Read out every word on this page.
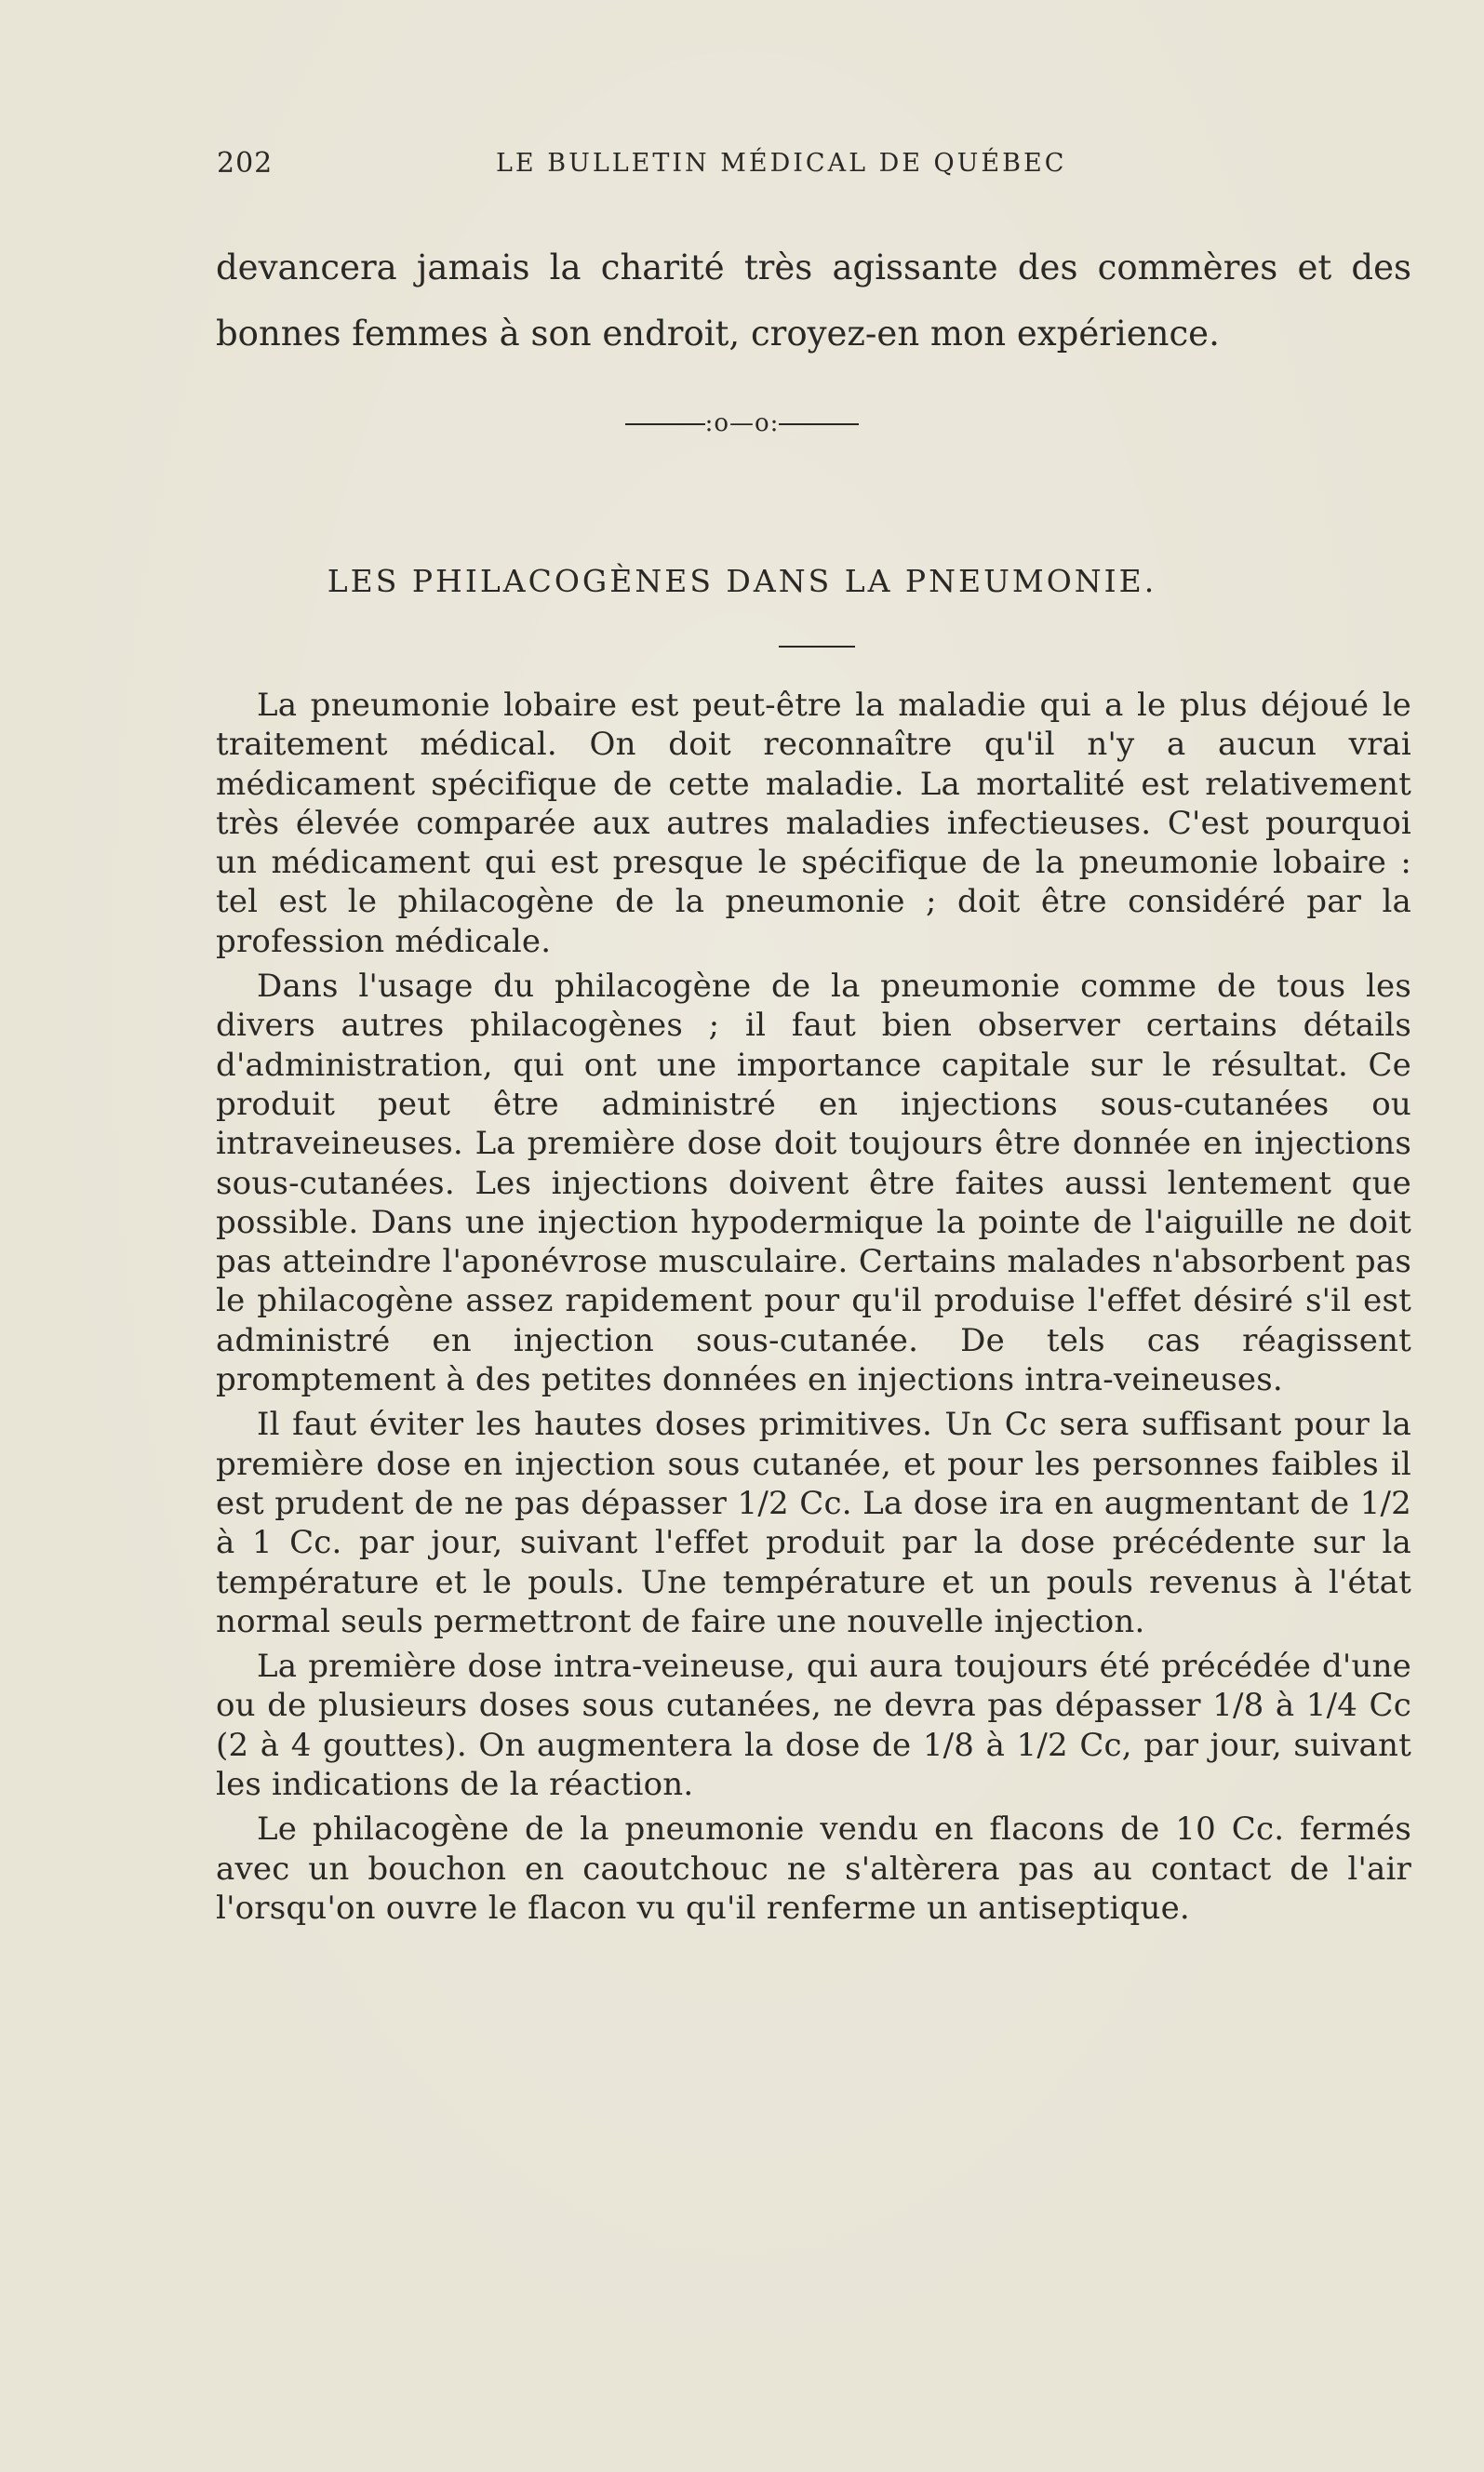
202	LE BULLETIN MÉDICAL DE QUÉBEC
devancera jamais la charité très agissante des commères et des bonnes femmes à son endroit, croyez-en mon expérience.
:o—o:
LES PHILACOGÈNES DANS LA PNEUMONIE.

La pneumonie lobaire est peut-être la maladie qui a le plus déjoué le traitement médical. On doit reconnaître qu'il n'y a aucun vrai médicament spécifique de cette maladie. La mortalité est relativement très élevée comparée aux autres maladies infectieuses. C'est pourquoi un médicament qui est presque le spécifique de la pneumonie lobaire : tel est le philacogène de la pneumonie ; doit être considéré par la profession médicale.

Dans l'usage du philacogène de la pneumonie comme de tous les divers autres philacogènes ; il faut bien observer certains détails d'administration, qui ont une importance capitale sur le résultat. Ce produit peut être administré en injections sous-cutanées ou intraveineuses. La première dose doit toujours être donnée en injections sous-cutanées. Les injections doivent être faites aussi lentement que possible. Dans une injection hypodermique la pointe de l'aiguille ne doit pas atteindre l'aponévrose musculaire. Certains malades n'absorbent pas le philacogène assez rapidement pour qu'il produise l'effet désiré s'il est administré en injection sous-cutanée. De tels cas réagissent promptement à des petites données en injections intra-veineuses.

Il faut éviter les hautes doses primitives. Un Cc sera suffisant pour la première dose en injection sous cutanée, et pour les personnes faibles il est prudent de ne pas dépasser 1/2 Cc. La dose ira en augmentant de 1/2 à 1 Cc. par jour, suivant l'effet produit par la dose précédente sur la température et le pouls. Une température et un pouls revenus à l'état normal seuls permettront de faire une nouvelle injection.

La première dose intra-veineuse, qui aura toujours été précédée d'une ou de plusieurs doses sous cutanées, ne devra pas dépasser 1/8 à 1/4 Cc (2 à 4 gouttes). On augmentera la dose de 1/8 à 1/2 Cc, par jour, suivant les indications de la réaction.

Le philacogène de la pneumonie vendu en flacons de 10 Cc. fermés avec un bouchon en caoutchouc ne s'altèrera pas au contact de l'air l'orsqu'on ouvre le flacon vu qu'il renferme un antiseptique.
